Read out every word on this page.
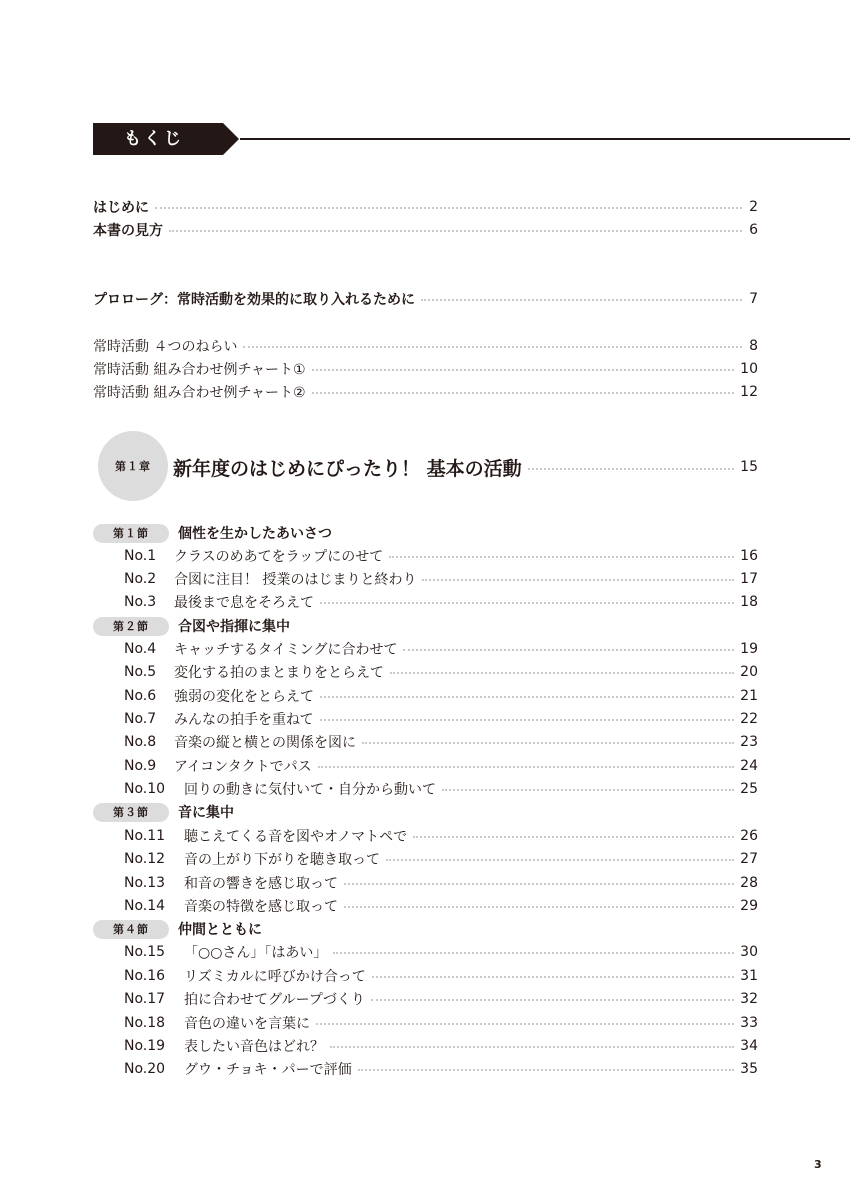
もくじ
はじめに	2
本書の見方	6
プロローグ：常時活動を効果的に取り入れるために	7
常時活動 ４つのねらい	8
常時活動 組み合わせ例チャート①	10
常時活動 組み合わせ例チャート②	12
第１章 新年度のはじめにぴったり！ 基本の活動	15
第１節	個性を生かしたあいさつ
No.1	クラスのめあてをラップにのせて	16
No.2	合図に注目！ 授業のはじまりと終わり	17
No.3	最後まで息をそろえて	18
第２節	合図や指揮に集中
No.4	キャッチするタイミングに合わせて	19
No.5	変化する拍のまとまりをとらえて	20
No.6	強弱の変化をとらえて	21
No.7	みんなの拍手を重ねて	22
No.8	音楽の縦と横との関係を図に	23
No.9	アイコンタクトでパス	24
No.10	回りの動きに気付いて・自分から動いて	25
第３節	音に集中
No.11	聴こえてくる音を図やオノマトペで	26
No.12	音の上がり下がりを聴き取って	27
No.13	和音の響きを感じ取って	28
No.14	音楽の特徴を感じ取って	29
第４節	仲間とともに
No.15	「○○さん」「はあい」	30
No.16	リズミカルに呼びかけ合って	31
No.17	拍に合わせてグループづくり	32
No.18	音色の違いを言葉に	33
No.19	表したい音色はどれ？	34
No.20	グウ・チョキ・パーで評価	35
3
